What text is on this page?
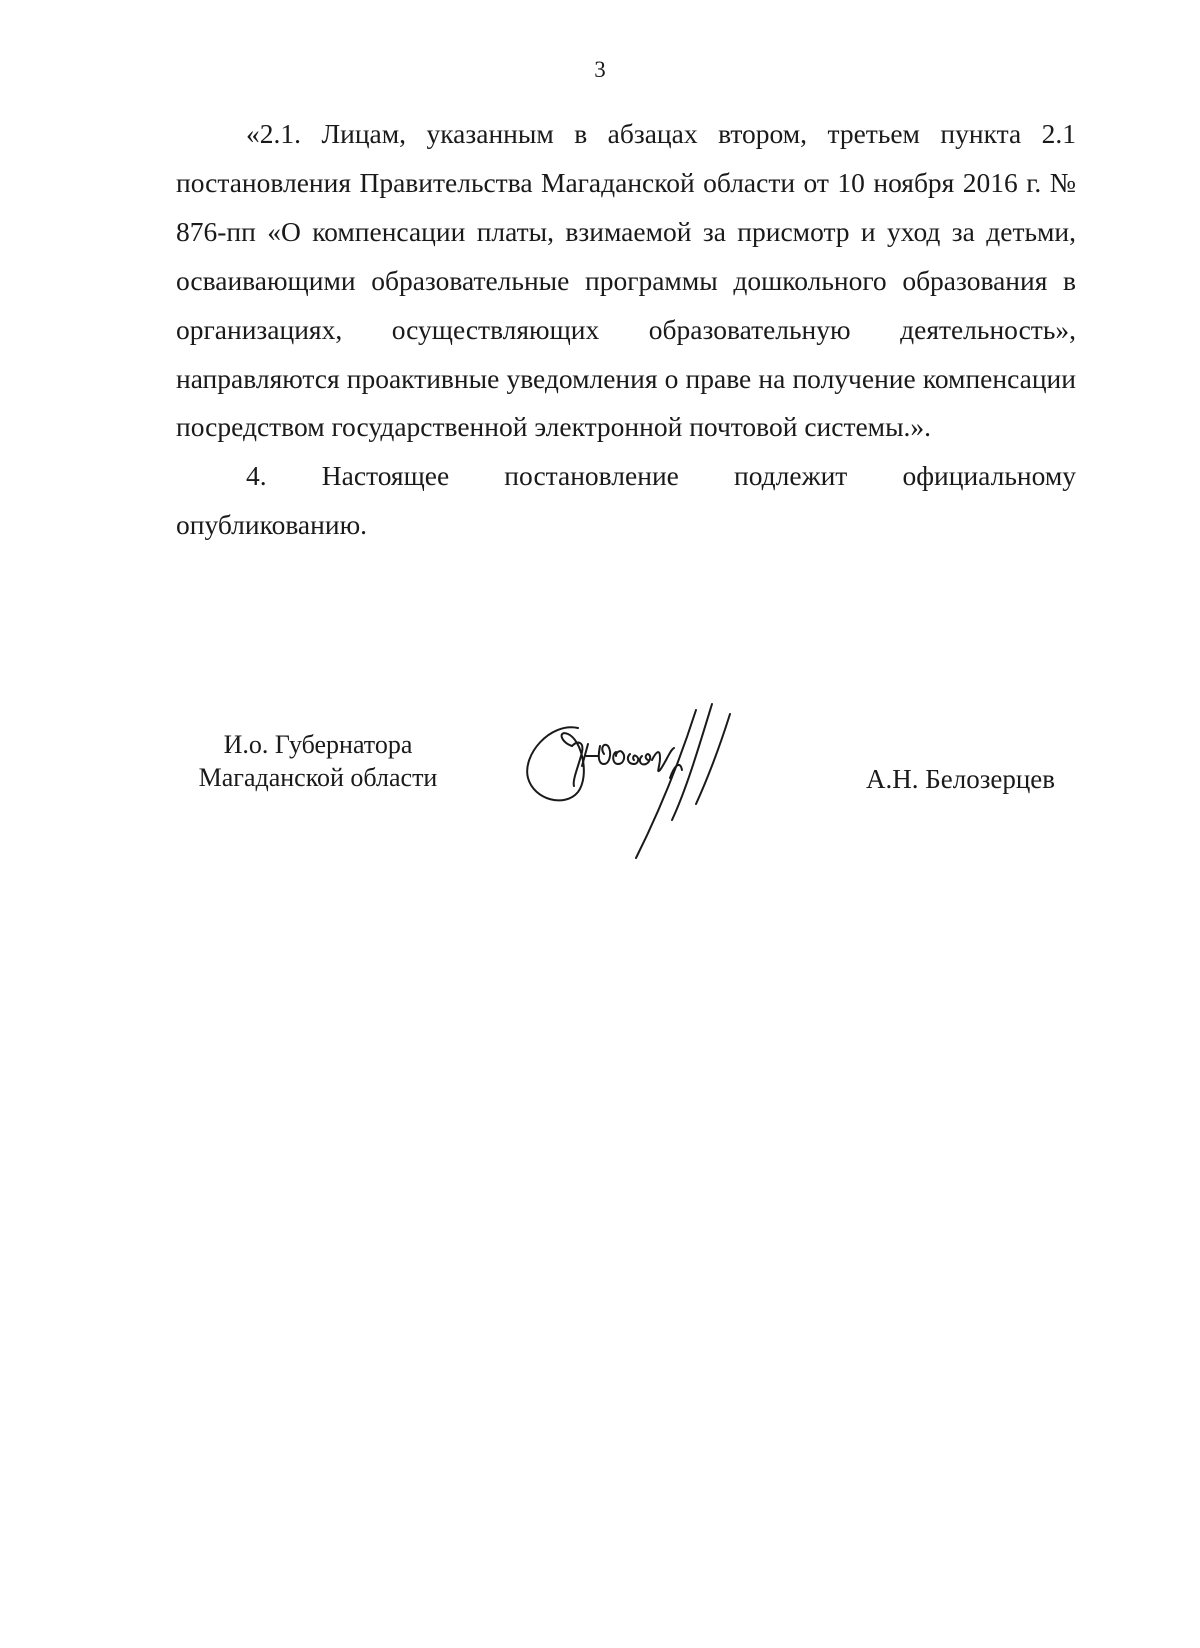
3

«2.1. Лицам, указанным в абзацах втором, третьем пункта 2.1 постановления Правительства Магаданской области от 10 ноября 2016 г. № 876-пп «О компенсации платы, взимаемой за присмотр и уход за детьми, осваивающими образовательные программы дошкольного образования в организациях, осуществляющих образовательную деятельность», направляются проактивные уведомления о праве на получение компенсации посредством государственной электронной почтовой системы.».

4. Настоящее постановление подлежит официальному опубликованию.

И.о. Губернатора
Магаданской области	А.Н. Белозерцев
